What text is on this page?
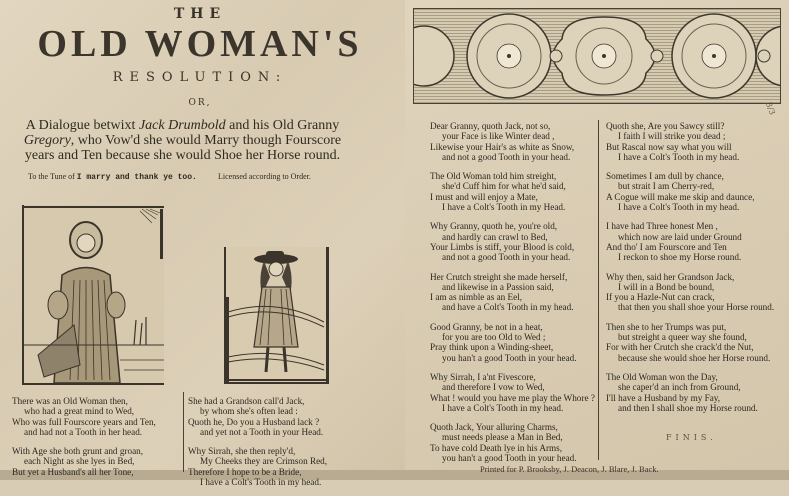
THE
OLD WOMAN'S
RESOLUTION:
OR,
A Dialogue betwixt Jack Drumbold and his Old Granny Gregory, who Vow'd she would Marry though Fourscore years and Ten because she would Shoe her Horse round.
To the Tune of I marry and thank ye too.	Licensed according to Order.
There was an Old Woman then,
who had a great mind to Wed,
Who was full Fourscore years and Ten,
and had not a Tooth in her head.
With Age she both grunt and groan,
each Night as she lyes in Bed,
But yet a Husband's all her Tone,
She had a Grandson call'd Jack,
by whom she's often lead :
Quoth he, Do you a Husband lack ?
and yet not a Tooth in your Head.
Why Sirrah, she then reply'd,
My Cheeks they are Crimson Red,
Therefore I hope to be a Bride,
I have a Colt's Tooth in my head.
3/3
Dear Granny, quoth Jack, not so,
your Face is like Winter dead ,
Likewise your Hair's as white as Snow,
and not a good Tooth in your head.
The Old Woman told him streight,
she'd Cuff him for what he'd said,
I must and will enjoy a Mate,
I have a Colt's Tooth in my Head.
Why Granny, quoth he, you're old,
and hardly can crawl to Bed,
Your Limbs is stiff, your Blood is cold,
and not a good Tooth in your head.
Her Crutch streight she made herself,
and likewise in a Passion said,
I am as nimble as an Eel,
and have a Colt's Tooth in my head.
Good Granny, be not in a heat,
for you are too Old to Wed ;
Pray think upon a Winding-sheet,
you han't a good Tooth in your head.
Why Sirrah, I a'nt Fivescore,
and therefore I vow to Wed,
What ! would you have me play the Whore ?
I have a Colt's Tooth in my head.
Quoth Jack, Your alluring Charms,
must needs please a Man in Bed,
To have cold Death lye in his Arms,
you han't a good Tooth in your head.
Quoth she, Are you Sawcy still?
I faith I will strike you dead ;
But Rascal now say what you will
I have a Colt's Tooth in my head.
Sometimes I am dull by chance,
but strait I am Cherry-red,
A Cogue will make me skip and daunce,
I have a Colt's Tooth in my head.
I have had Three honest Men ,
which now are laid under Ground
And tho' I am Fourscore and Ten
I reckon to shoe my Horse round.
Why then, said her Grandson Jack,
I will in a Bond be bound,
If you a Hazle-Nut can crack,
that then you shall shoe your Horse round.
Then she to her Trumps was put,
but streight a queer way she found,
For with her Crutch she crack'd the Nut,
because she would shoe her Horse round.
The Old Woman won the Day,
she caper'd an inch from Ground,
I'll have a Husband by my Fay,
and then I shall shoe my Horse round.
FINIS.
Printed for P. Brooksby, J. Deacon, J. Blare, J. Back.
